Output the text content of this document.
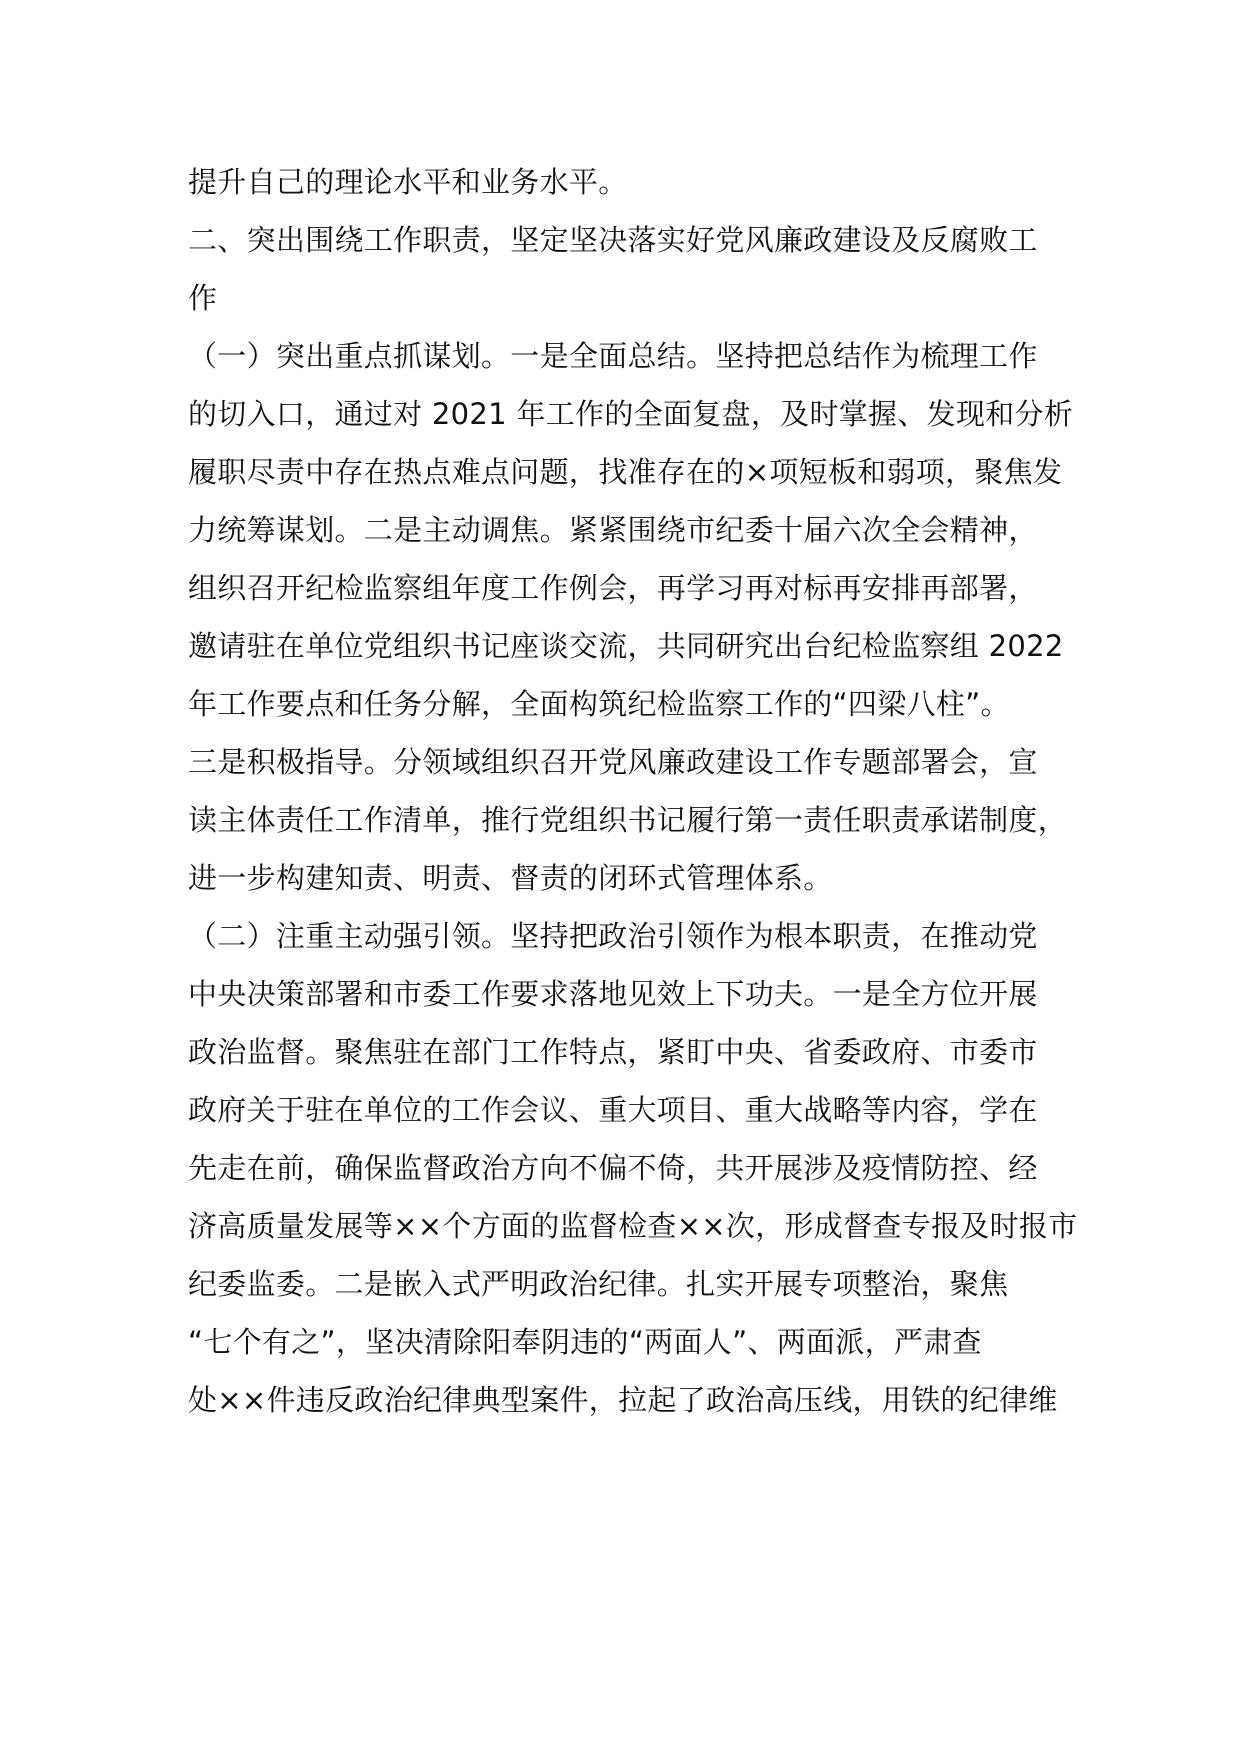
提升自己的理论水平和业务水平。
二、突出围绕工作职责，坚定坚决落实好党风廉政建设及反腐败工
作
（一）突出重点抓谋划。一是全面总结。坚持把总结作为梳理工作
的切入口，通过对 2021 年工作的全面复盘，及时掌握、发现和分析
履职尽责中存在热点难点问题，找准存在的×项短板和弱项，聚焦发
力统筹谋划。二是主动调焦。紧紧围绕市纪委十届六次全会精神，
组织召开纪检监察组年度工作例会，再学习再对标再安排再部署，
邀请驻在单位党组织书记座谈交流，共同研究出台纪检监察组 2022
年工作要点和任务分解，全面构筑纪检监察工作的“四梁八柱”。
三是积极指导。分领域组织召开党风廉政建设工作专题部署会，宣
读主体责任工作清单，推行党组织书记履行第一责任职责承诺制度，
进一步构建知责、明责、督责的闭环式管理体系。
（二）注重主动强引领。坚持把政治引领作为根本职责，在推动党
中央决策部署和市委工作要求落地见效上下功夫。一是全方位开展
政治监督。聚焦驻在部门工作特点，紧盯中央、省委政府、市委市
政府关于驻在单位的工作会议、重大项目、重大战略等内容，学在
先走在前，确保监督政治方向不偏不倚，共开展涉及疫情防控、经
济高质量发展等××个方面的监督检查××次，形成督查专报及时报市
纪委监委。二是嵌入式严明政治纪律。扎实开展专项整治，聚焦
“七个有之”，坚决清除阳奉阴违的“两面人”、两面派，严肃查
处××件违反政治纪律典型案件，拉起了政治高压线，用铁的纪律维
